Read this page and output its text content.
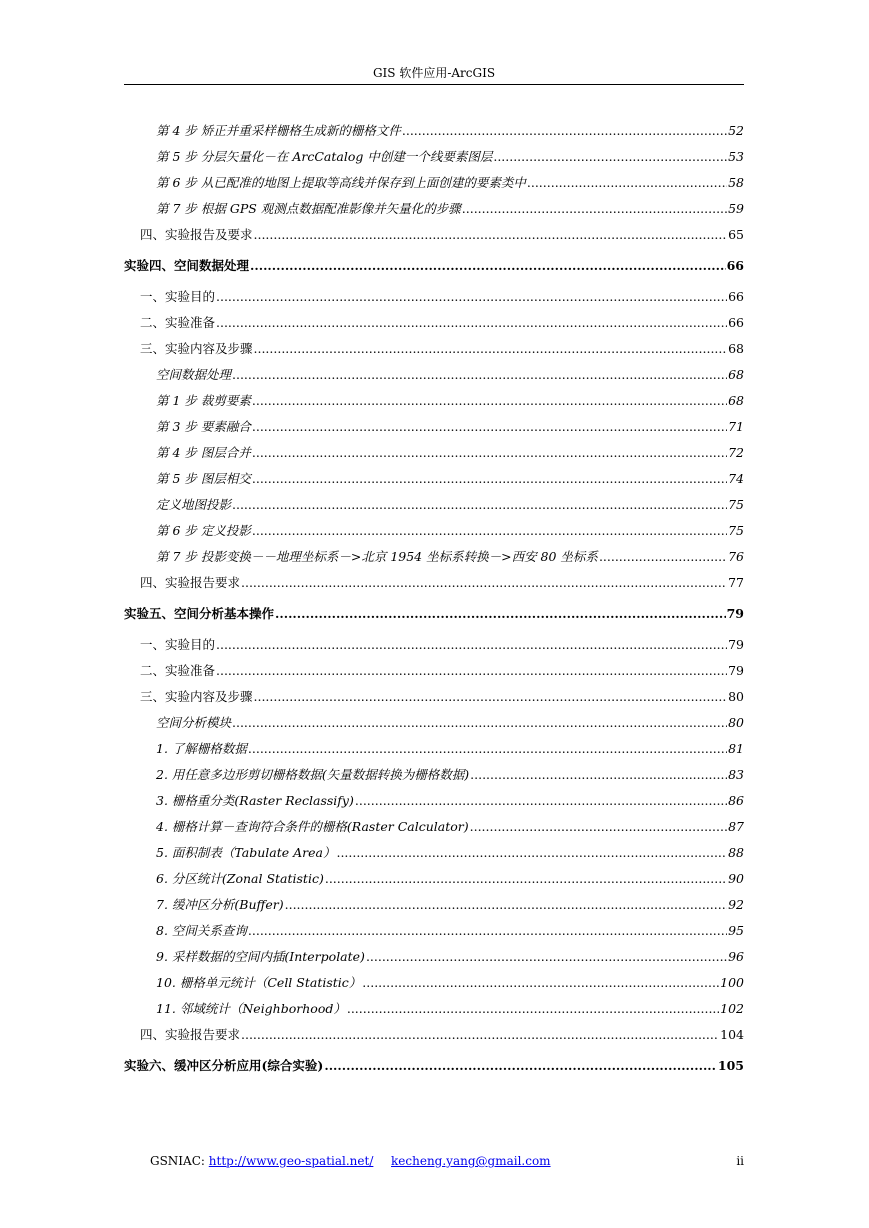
GIS 软件应用-ArcGIS
第 4 步 矫正并重采样栅格生成新的栅格文件 .....	52
第 5 步 分层矢量化－在 ArcCatalog 中创建一个线要素图层 .....	53
第 6 步 从已配准的地图上提取等高线并保存到上面创建的要素类中 .....	58
第 7 步 根据 GPS 观测点数据配准影像并矢量化的步骤 .....	59
四、实验报告及要求 .....	65
实验四、空间数据处理 .....	66
一、实验目的 .....	66
二、实验准备 .....	66
三、实验内容及步骤 .....	68
空间数据处理 .....	68
第 1 步 裁剪要素 .....	68
第 3 步 要素融合 .....	71
第 4 步 图层合并 .....	72
第 5 步 图层相交 .....	74
定义地图投影 .....	75
第 6 步 定义投影 .....	75
第 7 步 投影变换－－地理坐标系－>北京 1954 坐标系转换－>西安 80 坐标系 .....	76
四、实验报告要求 .....	77
实验五、空间分析基本操作 .....	79
一、实验目的 .....	79
二、实验准备 .....	79
三、实验内容及步骤 .....	80
空间分析模块 .....	80
1. 了解栅格数据 .....	81
2. 用任意多边形剪切栅格数据(矢量数据转换为栅格数据) .....	83
3. 栅格重分类(Raster Reclassify) .....	86
4. 栅格计算－查询符合条件的栅格(Raster Calculator) .....	87
5. 面积制表（Tabulate Area） .....	88
6. 分区统计(Zonal Statistic) .....	90
7. 缓冲区分析(Buffer) .....	92
8. 空间关系查询 .....	95
9. 采样数据的空间内插(Interpolate) .....	96
10. 栅格单元统计（Cell Statistic） .....	100
11. 邻域统计（Neighborhood） .....	102
四、实验报告要求 .....	104
实验六、缓冲区分析应用(综合实验) .....	105
GSNIAC: http://www.geo-spatial.net/ kecheng.yang@gmail.com	ii
